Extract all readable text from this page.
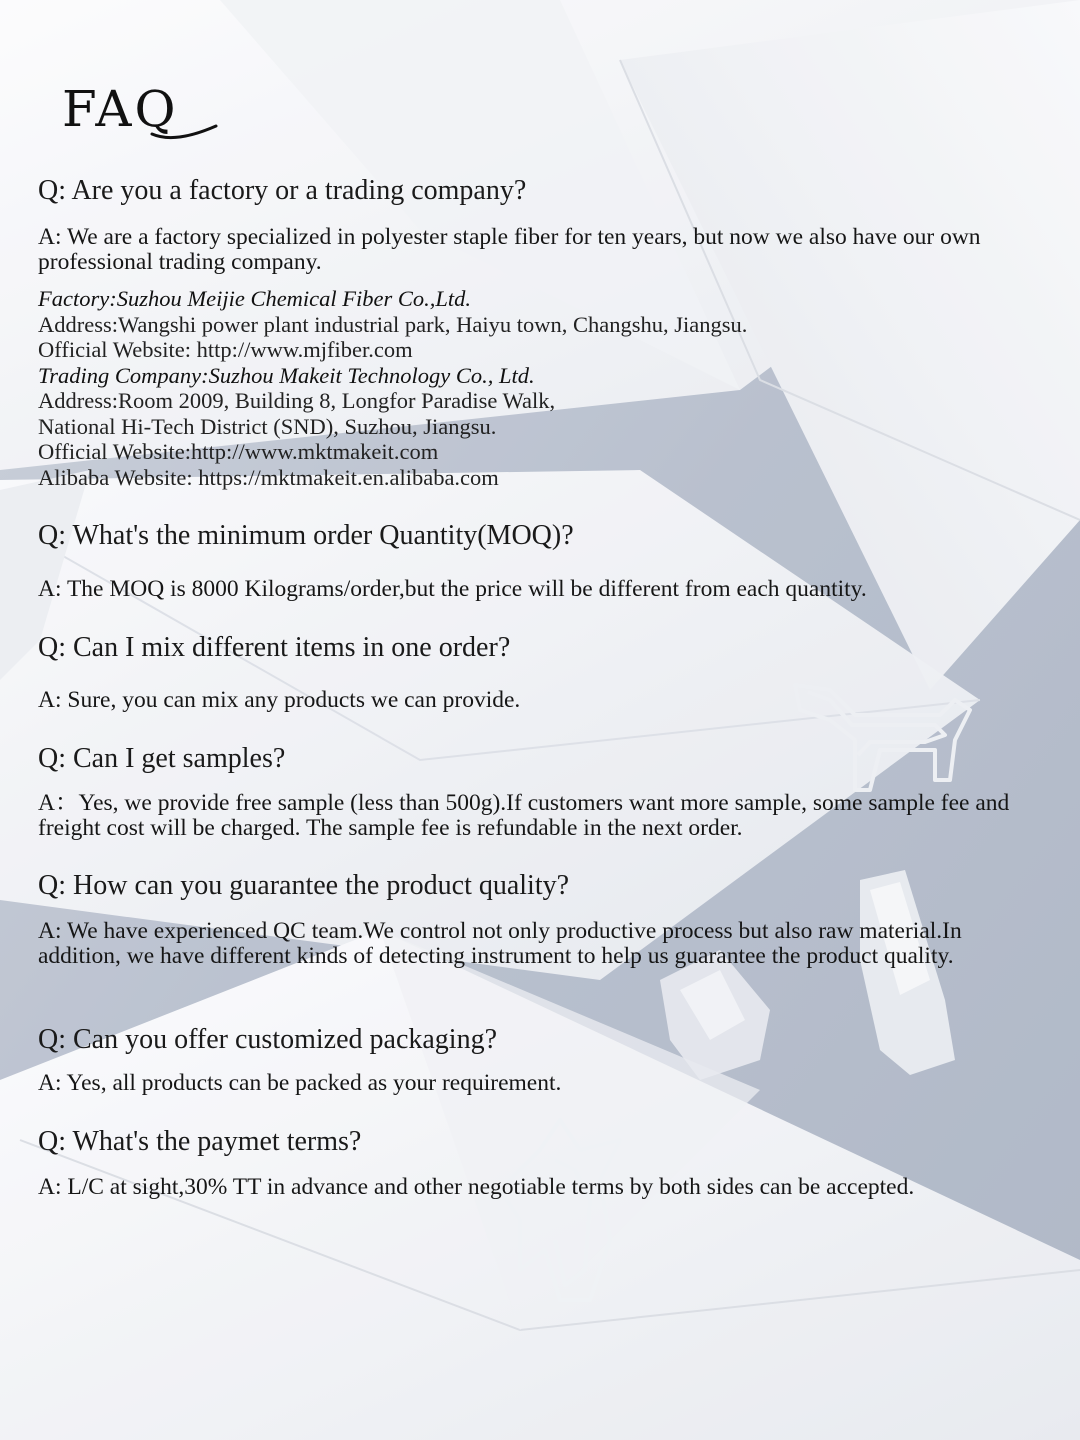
FAQ
Q: Are you a factory or a trading company?
A: We are a factory specialized in polyester staple fiber for ten years, but now we also have our own professional trading company.
Factory:Suzhou Meijie Chemical Fiber Co.,Ltd.
Address:Wangshi power plant industrial park, Haiyu town, Changshu, Jiangsu.
Official Website: http://www.mjfiber.com
Trading Company:Suzhou Makeit Technology Co., Ltd.
Address:Room 2009, Building 8, Longfor Paradise Walk,
National Hi-Tech District (SND), Suzhou, Jiangsu.
Official Website:http://www.mktmakeit.com
Alibaba Website: https://mktmakeit.en.alibaba.com
Q: What's the minimum order Quantity(MOQ)?
A: The MOQ is 8000 Kilograms/order,but the price will be different from each quantity.
Q: Can I mix different items in one order?
A: Sure, you can mix any products we can provide.
Q: Can I get samples?
A：Yes, we provide free sample (less than 500g).If customers want more sample, some sample fee and freight cost will be charged. The sample fee is refundable in the next order.
Q: How can you guarantee the product quality?
A: We have experienced QC team.We control not only productive process but also raw material.In addition, we have different kinds of detecting instrument to help us guarantee the product quality.
Q: Can you offer customized packaging?
A: Yes, all products can be packed as your requirement.
Q: What's the paymet terms?
A: L/C at sight,30% TT in advance and other negotiable terms by both sides can be accepted.
